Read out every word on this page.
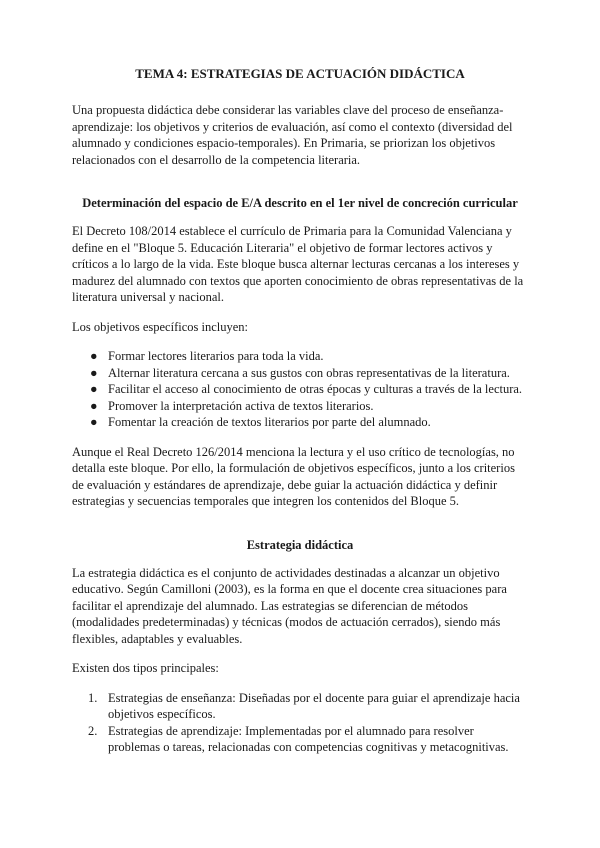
TEMA 4: ESTRATEGIAS DE ACTUACIÓN DIDÁCTICA

Una propuesta didáctica debe considerar las variables clave del proceso de enseñanza-aprendizaje: los objetivos y criterios de evaluación, así como el contexto (diversidad del alumnado y condiciones espacio-temporales). En Primaria, se priorizan los objetivos relacionados con el desarrollo de la competencia literaria.

Determinación del espacio de E/A descrito en el 1er nivel de concreción curricular

El Decreto 108/2014 establece el currículo de Primaria para la Comunidad Valenciana y define en el "Bloque 5. Educación Literaria" el objetivo de formar lectores activos y críticos a lo largo de la vida. Este bloque busca alternar lecturas cercanas a los intereses y madurez del alumnado con textos que aporten conocimiento de obras representativas de la literatura universal y nacional.

Los objetivos específicos incluyen:

● Formar lectores literarios para toda la vida.
● Alternar literatura cercana a sus gustos con obras representativas de la literatura.
● Facilitar el acceso al conocimiento de otras épocas y culturas a través de la lectura.
● Promover la interpretación activa de textos literarios.
● Fomentar la creación de textos literarios por parte del alumnado.

Aunque el Real Decreto 126/2014 menciona la lectura y el uso crítico de tecnologías, no detalla este bloque. Por ello, la formulación de objetivos específicos, junto a los criterios de evaluación y estándares de aprendizaje, debe guiar la actuación didáctica y definir estrategias y secuencias temporales que integren los contenidos del Bloque 5.

Estrategia didáctica

La estrategia didáctica es el conjunto de actividades destinadas a alcanzar un objetivo educativo. Según Camilloni (2003), es la forma en que el docente crea situaciones para facilitar el aprendizaje del alumnado. Las estrategias se diferencian de métodos (modalidades predeterminadas) y técnicas (modos de actuación cerrados), siendo más flexibles, adaptables y evaluables.

Existen dos tipos principales:

1. Estrategias de enseñanza: Diseñadas por el docente para guiar el aprendizaje hacia objetivos específicos.
2. Estrategias de aprendizaje: Implementadas por el alumnado para resolver problemas o tareas, relacionadas con competencias cognitivas y metacognitivas.
